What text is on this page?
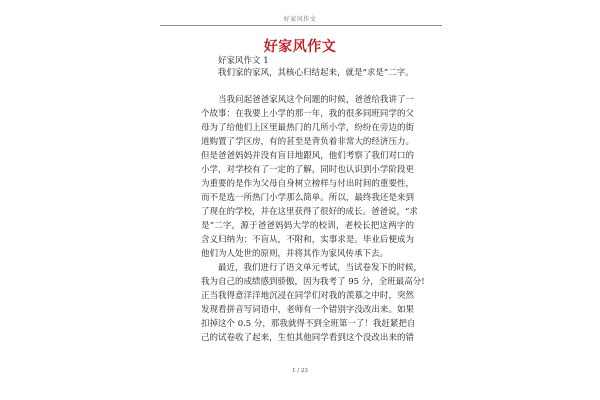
好家风作文
好家风作文
好家风作文 1
我们家的家风，其核心归结起来，就是“求是”二字。
当我问起爸爸家风这个问题的时候，爸爸给我讲了一
个故事：在我要上小学的那一年，我的很多同班同学的父
母为了给他们上区里最热门的几所小学，纷纷在旁边的街
道购置了学区房，有的甚至是背负着非常大的经济压力。
但是爸爸妈妈并没有盲目地跟风，他们考察了我们对口的
小学，对学校有了一定的了解，同时也认识到小学阶段更
为重要的是作为父母自身树立榜样与付出时间的重要性，
而不是选一所热门小学那么简单。所以，最终我还是来到
了现在的学校，并在这里获得了很好的成长。爸爸说，“求
是”二字，源于爸爸妈妈大学的校训，老校长把这两字的
含义归纳为：不盲从，不附和，实事求是。毕业后便成为
他们为人处世的原则，并将其作为家风传承下去。
最近，我们进行了语文单元考试，当试卷发下的时候，
我为自己的成绩感到骄傲，因为我考了 95 分，全班最高分!
正当我得意洋洋地沉浸在同学们对我的羡慕之中时，突然
发现看拼音写词语中，老师有一个错别字没改出来。如果
扣掉这个 0.5 分，那我就得不到全班第一了！我赶紧把自
己的试卷收了起来，生怕其他同学看到这个没改出来的错
1 / 23
